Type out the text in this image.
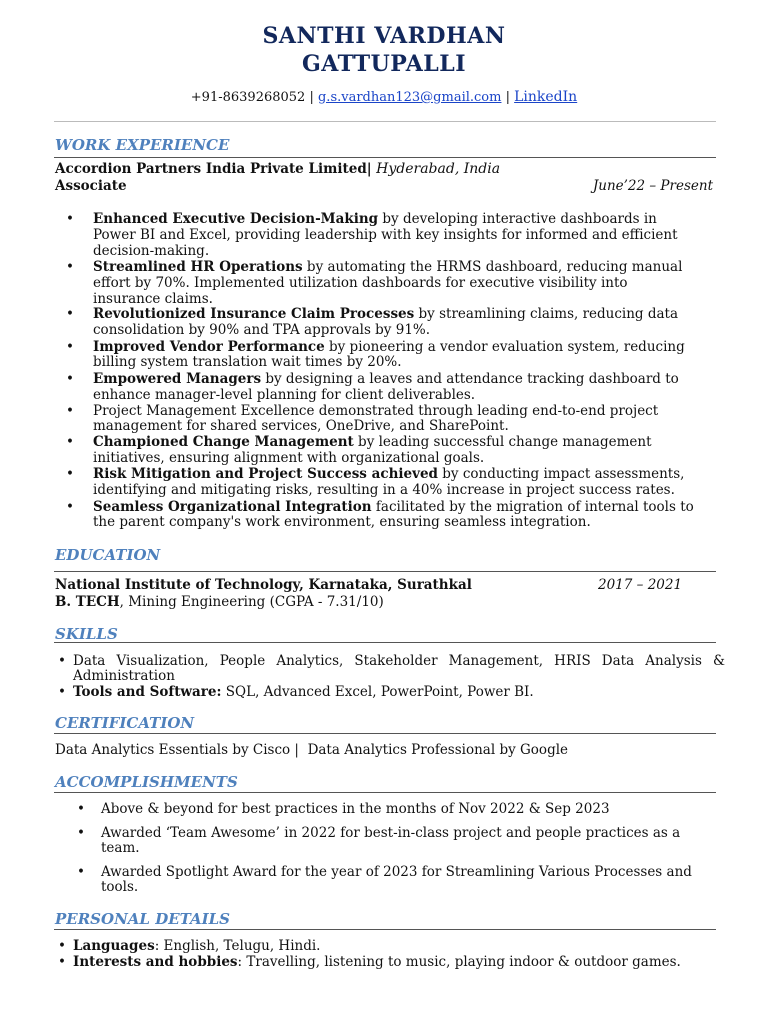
SANTHI VARDHAN
GATTUPALLI
+91-8639268052 | g.s.vardhan123@gmail.com | LinkedIn
WORK EXPERIENCE
Accordion Partners India Private Limited| Hyderabad, India
Associate	June’22 – Present
• Enhanced Executive Decision-Making by developing interactive dashboards in
Power BI and Excel, providing leadership with key insights for informed and efficient
decision-making.
• Streamlined HR Operations by automating the HRMS dashboard, reducing manual
effort by 70%. Implemented utilization dashboards for executive visibility into
insurance claims.
• Revolutionized Insurance Claim Processes by streamlining claims, reducing data
consolidation by 90% and TPA approvals by 91%.
• Improved Vendor Performance by pioneering a vendor evaluation system, reducing
billing system translation wait times by 20%.
• Empowered Managers by designing a leaves and attendance tracking dashboard to
enhance manager-level planning for client deliverables.
• Project Management Excellence demonstrated through leading end-to-end project
management for shared services, OneDrive, and SharePoint.
• Championed Change Management by leading successful change management
initiatives, ensuring alignment with organizational goals.
• Risk Mitigation and Project Success achieved by conducting impact assessments,
identifying and mitigating risks, resulting in a 40% increase in project success rates.
• Seamless Organizational Integration facilitated by the migration of internal tools to
the parent company's work environment, ensuring seamless integration.
EDUCATION
National Institute of Technology, Karnataka, Surathkal	2017 – 2021
B. TECH, Mining Engineering (CGPA - 7.31/10)
SKILLS
• Data Visualization, People Analytics, Stakeholder Management, HRIS Data Analysis &
Administration
• Tools and Software: SQL, Advanced Excel, PowerPoint, Power BI.
CERTIFICATION
Data Analytics Essentials by Cisco |  Data Analytics Professional by Google
ACCOMPLISHMENTS
• Above & beyond for best practices in the months of Nov 2022 & Sep 2023
• Awarded ‘Team Awesome’ in 2022 for best-in-class project and people practices as a
team.
• Awarded Spotlight Award for the year of 2023 for Streamlining Various Processes and
tools.
PERSONAL DETAILS
• Languages: English, Telugu, Hindi.
• Interests and hobbies: Travelling, listening to music, playing indoor & outdoor games.
